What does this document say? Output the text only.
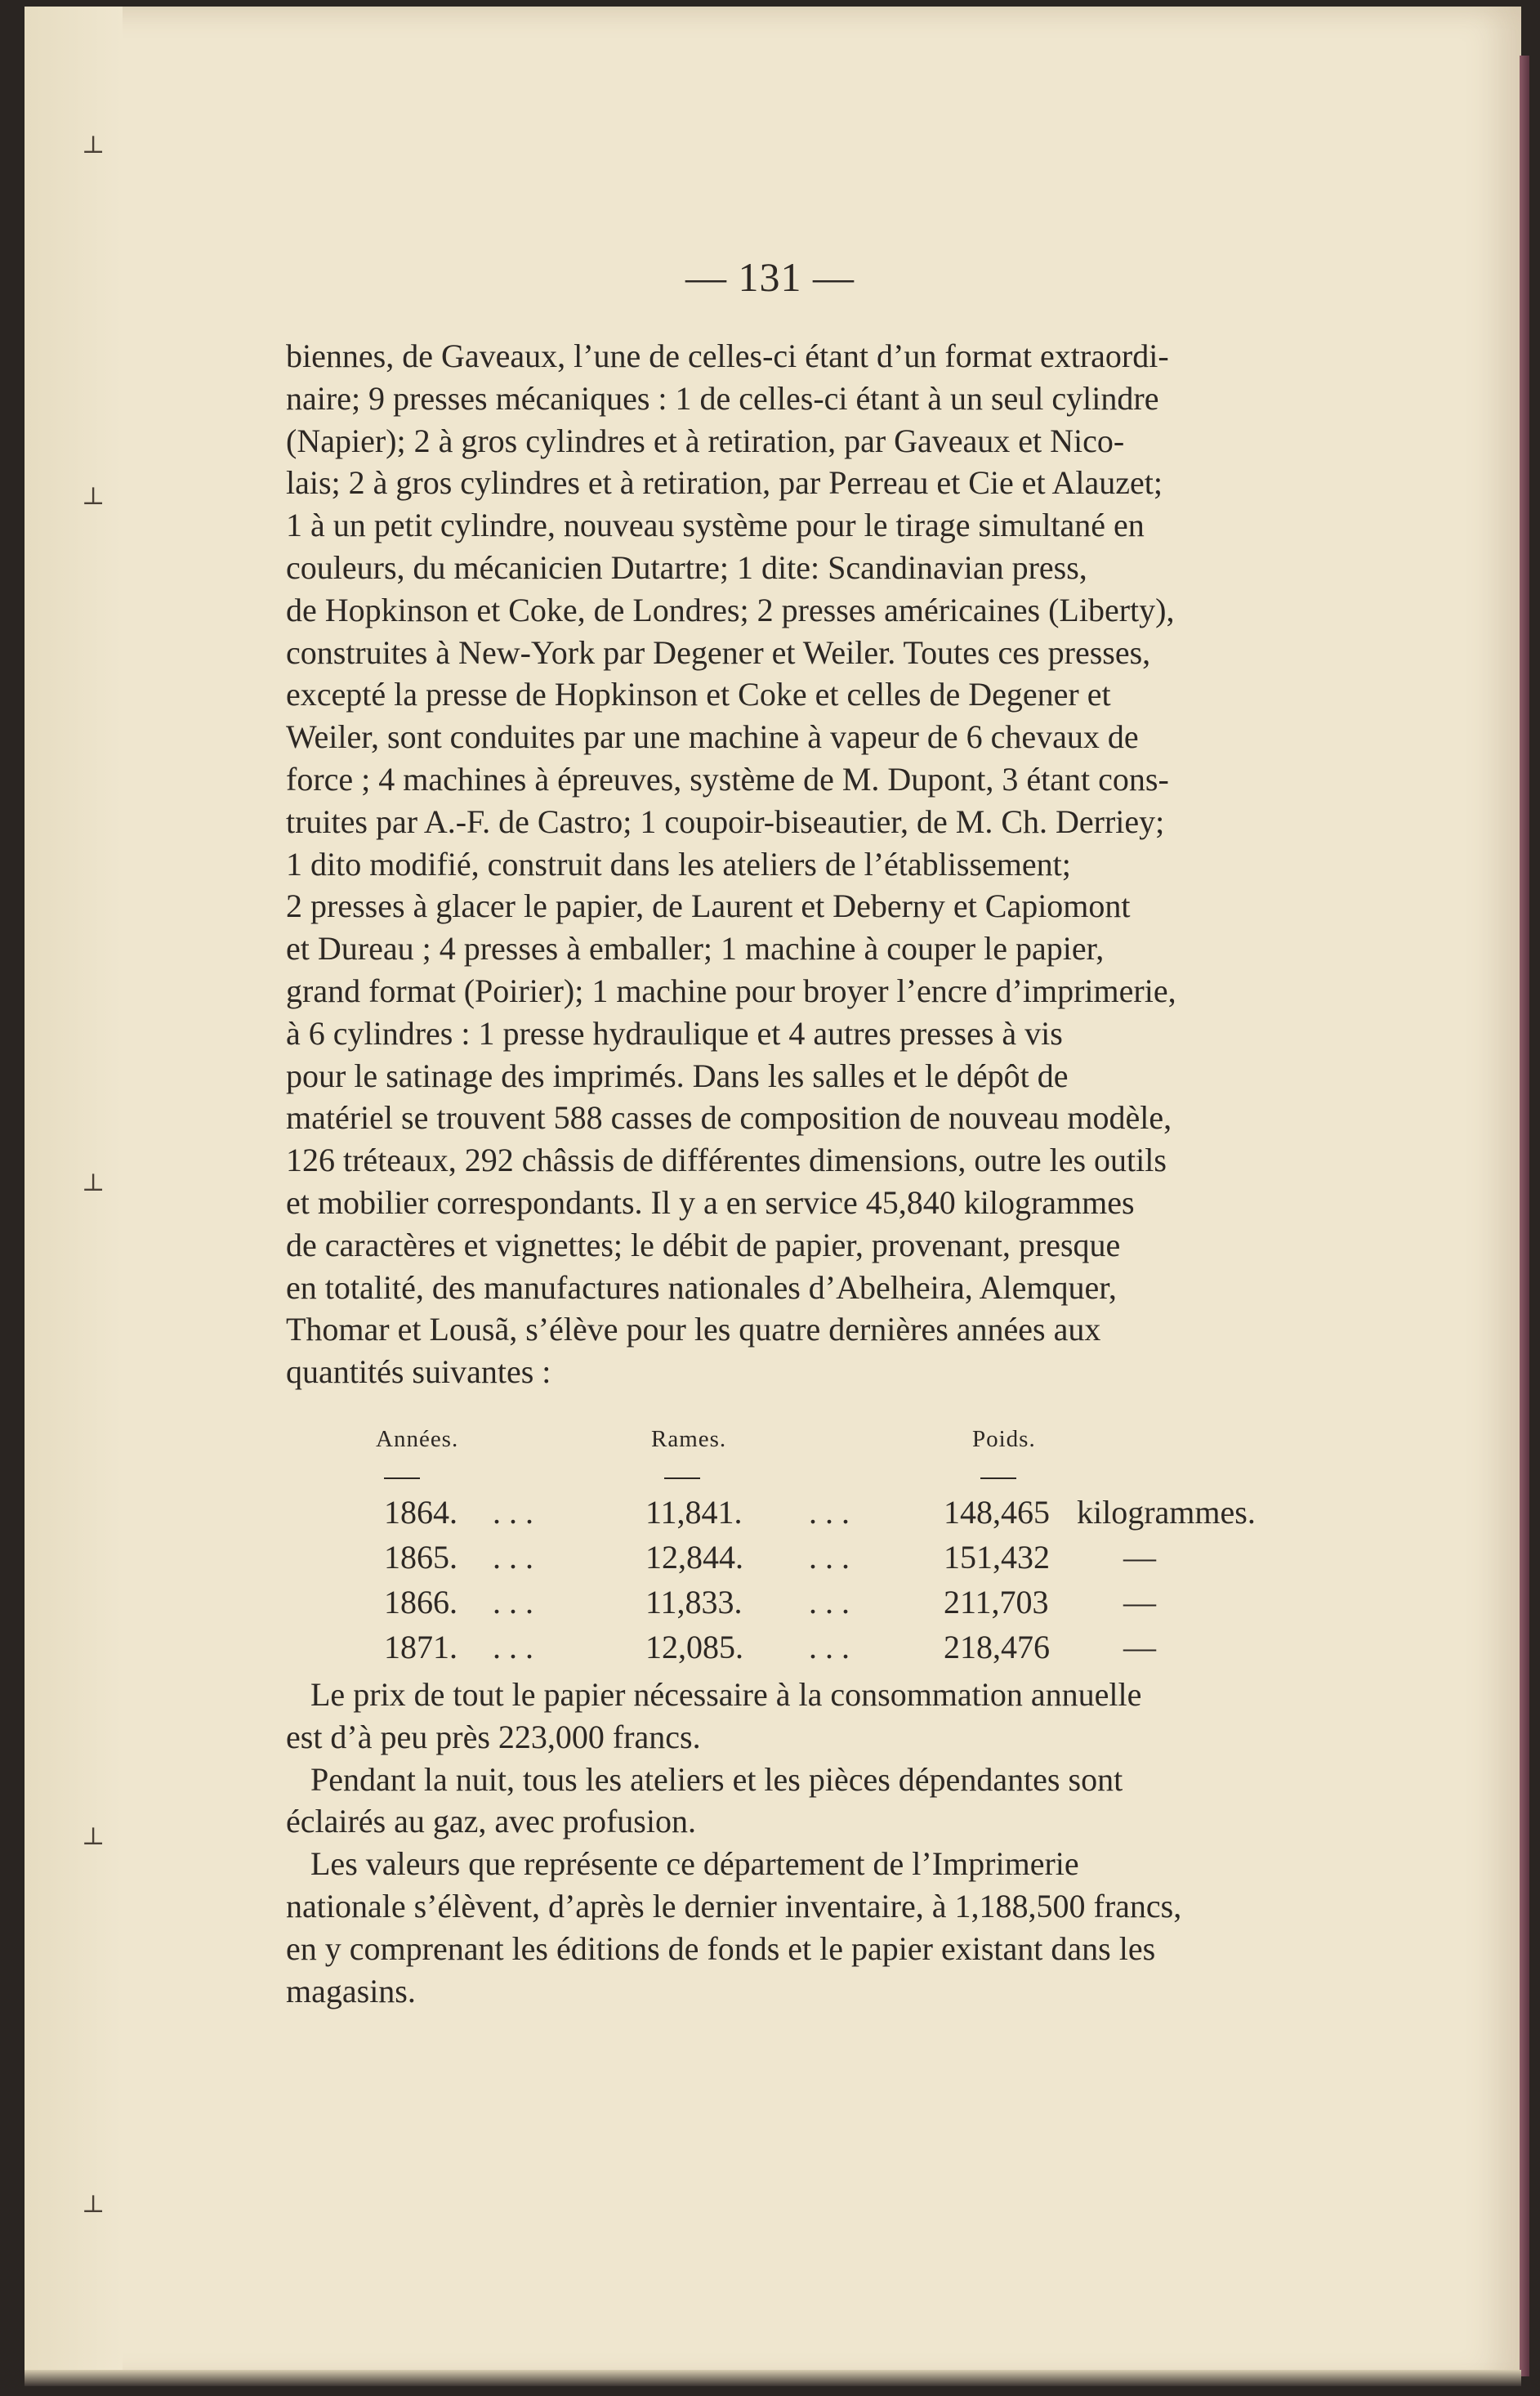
⊥
⊥
⊥
⊥
⊥
— 131 —
biennes, de Gaveaux, l’une de celles-ci étant d’un format extraordi-
naire; 9 presses mécaniques : 1 de celles-ci étant à un seul cylindre
(Napier); 2 à gros cylindres et à retiration, par Gaveaux et Nico-
lais; 2 à gros cylindres et à retiration, par Perreau et Cie et Alauzet;
1 à un petit cylindre, nouveau système pour le tirage simultané en
couleurs, du mécanicien Dutartre; 1 dite: Scandinavian press,
de Hopkinson et Coke, de Londres; 2 presses américaines (Liberty),
construites à New-York par Degener et Weiler. Toutes ces presses,
excepté la presse de Hopkinson et Coke et celles de Degener et
Weiler, sont conduites par une machine à vapeur de 6 chevaux de
force ; 4 machines à épreuves, système de M. Dupont, 3 étant cons-
truites par A.-F. de Castro; 1 coupoir-biseautier, de M. Ch. Derriey;
1 dito modifié, construit dans les ateliers de l’établissement;
2 presses à glacer le papier, de Laurent et Deberny et Capiomont
et Dureau ; 4 presses à emballer; 1 machine à couper le papier,
grand format (Poirier); 1 machine pour broyer l’encre d’imprimerie,
à 6 cylindres : 1 presse hydraulique et 4 autres presses à vis
pour le satinage des imprimés. Dans les salles et le dépôt de
matériel se trouvent 588 casses de composition de nouveau modèle,
126 tréteaux, 292 châssis de différentes dimensions, outre les outils
et mobilier correspondants. Il y a en service 45,840 kilogrammes
de caractères et vignettes; le débit de papier, provenant, presque
en totalité, des manufactures nationales d’Abelheira, Alemquer,
Thomar et Lousã, s’élève pour les quatre dernières années aux
quantités suivantes :
Années.	Rames.	Poids.
1864. . . .	11,841. . . .	148,465 kilogrammes.
1865. . . .	12,844. . . .	151,432 —
1866. . . .	11,833. . . .	211,703 —
1871. . . .	12,085. . . .	218,476 —
Le prix de tout le papier nécessaire à la consommation annuelle
est d’à peu près 223,000 francs.
Pendant la nuit, tous les ateliers et les pièces dépendantes sont
éclairés au gaz, avec profusion.
Les valeurs que représente ce département de l’Imprimerie
nationale s’élèvent, d’après le dernier inventaire, à 1,188,500 francs,
en y comprenant les éditions de fonds et le papier existant dans les
magasins.
